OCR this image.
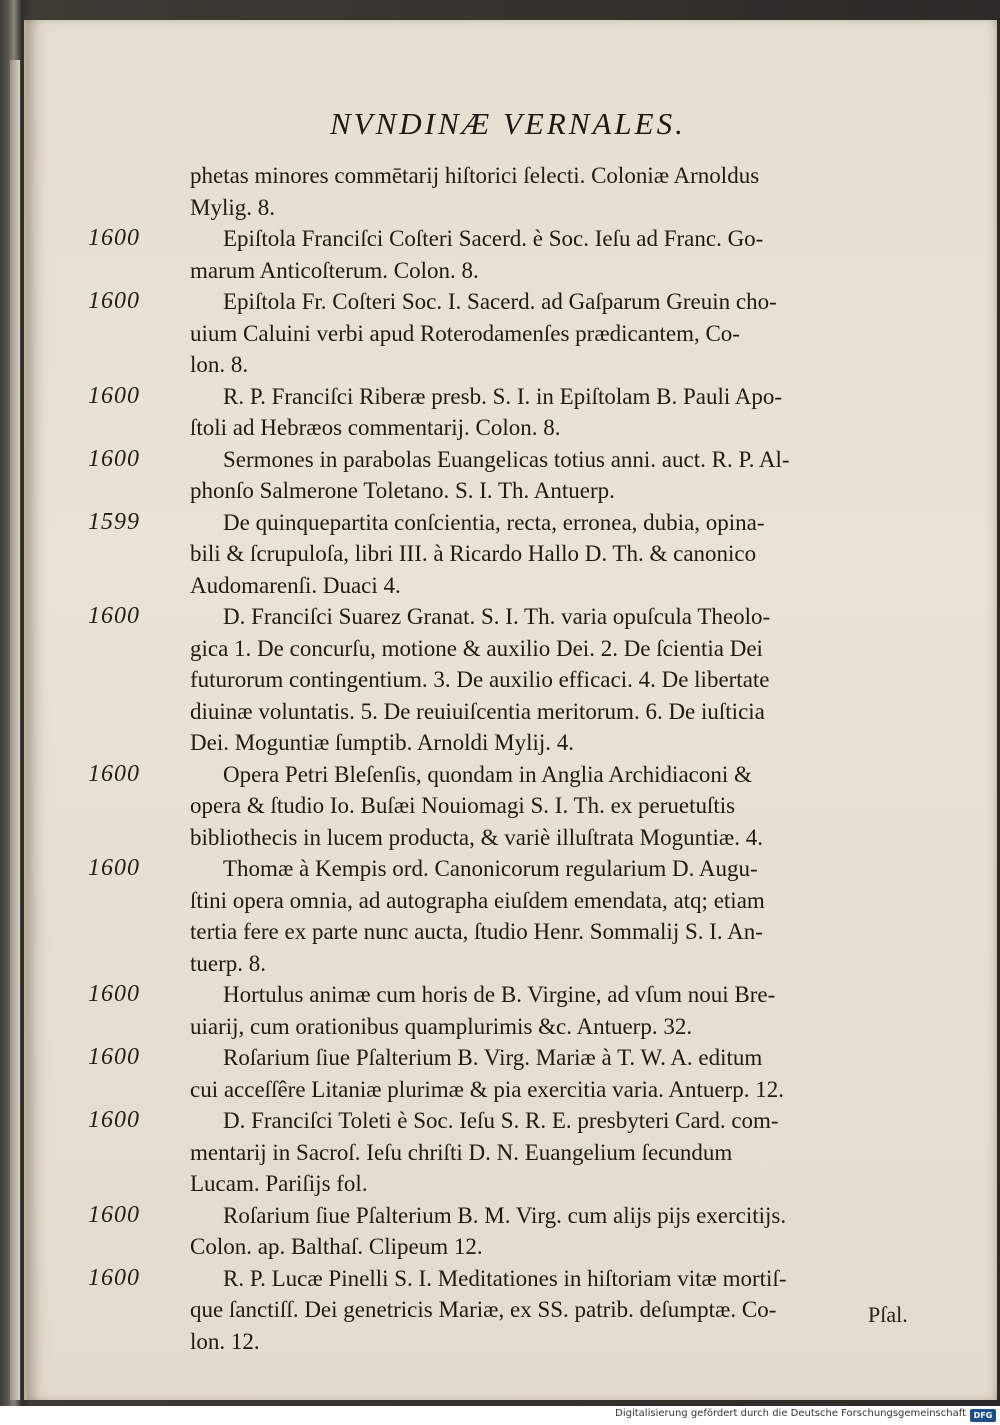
NVNDINÆ VERNALES.
phetas minores commētarij hiſtorici ſelecti. Coloniæ Arnoldus
Mylig. 8.
1600	Epiſtola Franciſci Coſteri Sacerd. è Soc. Ieſu ad Franc. Go-
marum Anticoſterum. Colon. 8.
1600	Epiſtola Fr. Coſteri Soc. I. Sacerd. ad Gaſparum Greuin cho-
uium Caluini verbi apud Roterodamenſes prædicantem, Co-
lon. 8.
1600	R. P. Franciſci Riberæ presb. S. I. in Epiſtolam B. Pauli Apo-
ſtoli ad Hebræos commentarij. Colon. 8.
1600	Sermones in parabolas Euangelicas totius anni. auct. R. P. Al-
phonſo Salmerone Toletano. S. I. Th. Antuerp.
1599	De quinquepartita conſcientia, recta, erronea, dubia, opina-
bili & ſcrupuloſa, libri III. à Ricardo Hallo D. Th. & canonico
Audomarenſi. Duaci 4.
1600	D. Franciſci Suarez Granat. S. I. Th. varia opuſcula Theolo-
gica 1. De concurſu, motione & auxilio Dei. 2. De ſcientia Dei
futurorum contingentium. 3. De auxilio efficaci. 4. De libertate
diuinæ voluntatis. 5. De reuiuiſcentia meritorum. 6. De iuſticia
Dei. Moguntiæ ſumptib. Arnoldi Mylij. 4.
1600	Opera Petri Bleſenſis, quondam in Anglia Archidiaconi &
opera & ſtudio Io. Buſæi Nouiomagi S. I. Th. ex peruetuſtis
bibliothecis in lucem producta, & variè illuſtrata Moguntiæ. 4.
1600	Thomæ à Kempis ord. Canonicorum regularium D. Augu-
ſtini opera omnia, ad autographa eiuſdem emendata, atq; etiam
tertia fere ex parte nunc aucta, ſtudio Henr. Sommalij S. I. An-
tuerp. 8.
1600	Hortulus animæ cum horis de B. Virgine, ad vſum noui Bre-
uiarij, cum orationibus quamplurimis &c. Antuerp. 32.
1600	Roſarium ſiue Pſalterium B. Virg. Mariæ à T. W. A. editum
cui acceſſêre Litaniæ plurimæ & pia exercitia varia. Antuerp. 12.
1600	D. Franciſci Toleti è Soc. Ieſu S. R. E. presbyteri Card. com-
mentarij in Sacroſ. Ieſu chriſti D. N. Euangelium ſecundum
Lucam. Pariſijs fol.
1600	Roſarium ſiue Pſalterium B. M. Virg. cum alijs pijs exercitijs.
Colon. ap. Balthaſ. Clipeum 12.
1600	R. P. Lucæ Pinelli S. I. Meditationes in hiſtoriam vitæ mortiſ-
que ſanctiſſ. Dei genetricis Mariæ, ex SS. patrib. deſumptæ. Co-
lon. 12.
Pſal.
Digitalisierung gefördert durch die Deutsche Forschungsgemeinschaft DFG
